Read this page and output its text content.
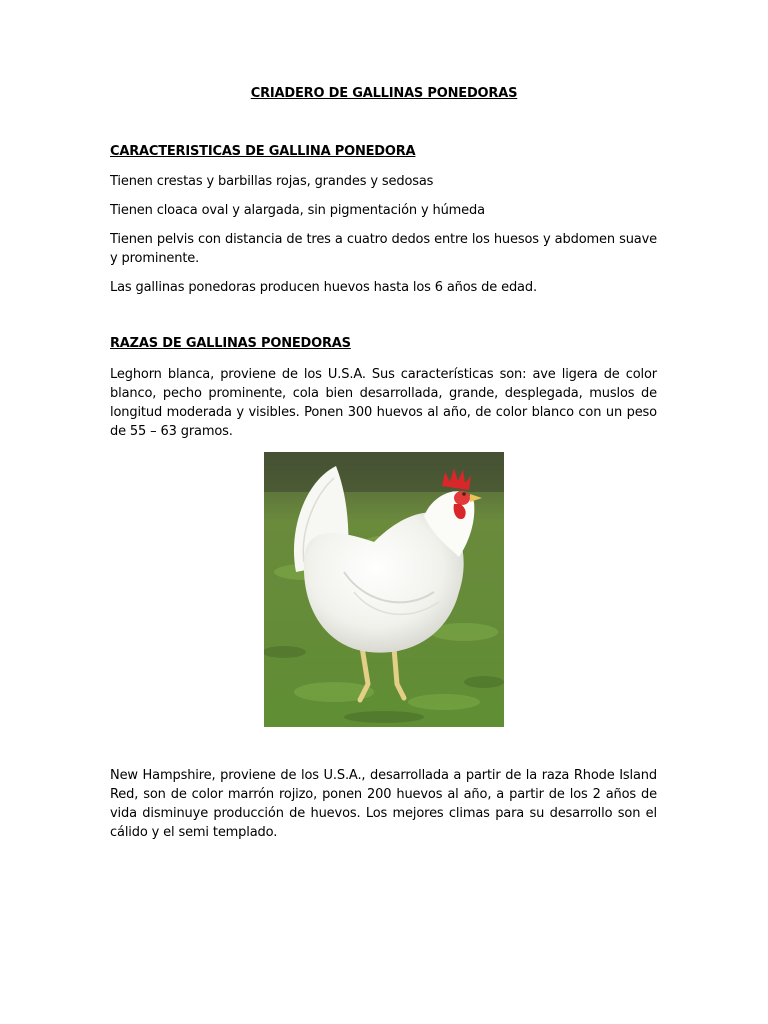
CRIADERO DE GALLINAS PONEDORAS
CARACTERISTICAS DE GALLINA PONEDORA
Tienen crestas y barbillas rojas, grandes y sedosas
Tienen cloaca oval y alargada, sin pigmentación y húmeda
Tienen pelvis con distancia de tres a cuatro dedos entre los huesos y abdomen suave y prominente.
Las gallinas ponedoras producen huevos hasta los 6 años de edad.
RAZAS DE GALLINAS PONEDORAS
Leghorn blanca, proviene de los U.S.A. Sus características son: ave ligera de color blanco, pecho prominente, cola bien desarrollada, grande, desplegada, muslos de longitud moderada y visibles. Ponen 300 huevos al año, de color blanco con un peso de 55 – 63 gramos.
New Hampshire, proviene de los U.S.A., desarrollada a partir de la raza Rhode Island Red, son de color marrón rojizo, ponen 200 huevos al año, a partir de los 2 años de vida disminuye producción de huevos. Los mejores climas para su desarrollo son el cálido y el semi templado.
